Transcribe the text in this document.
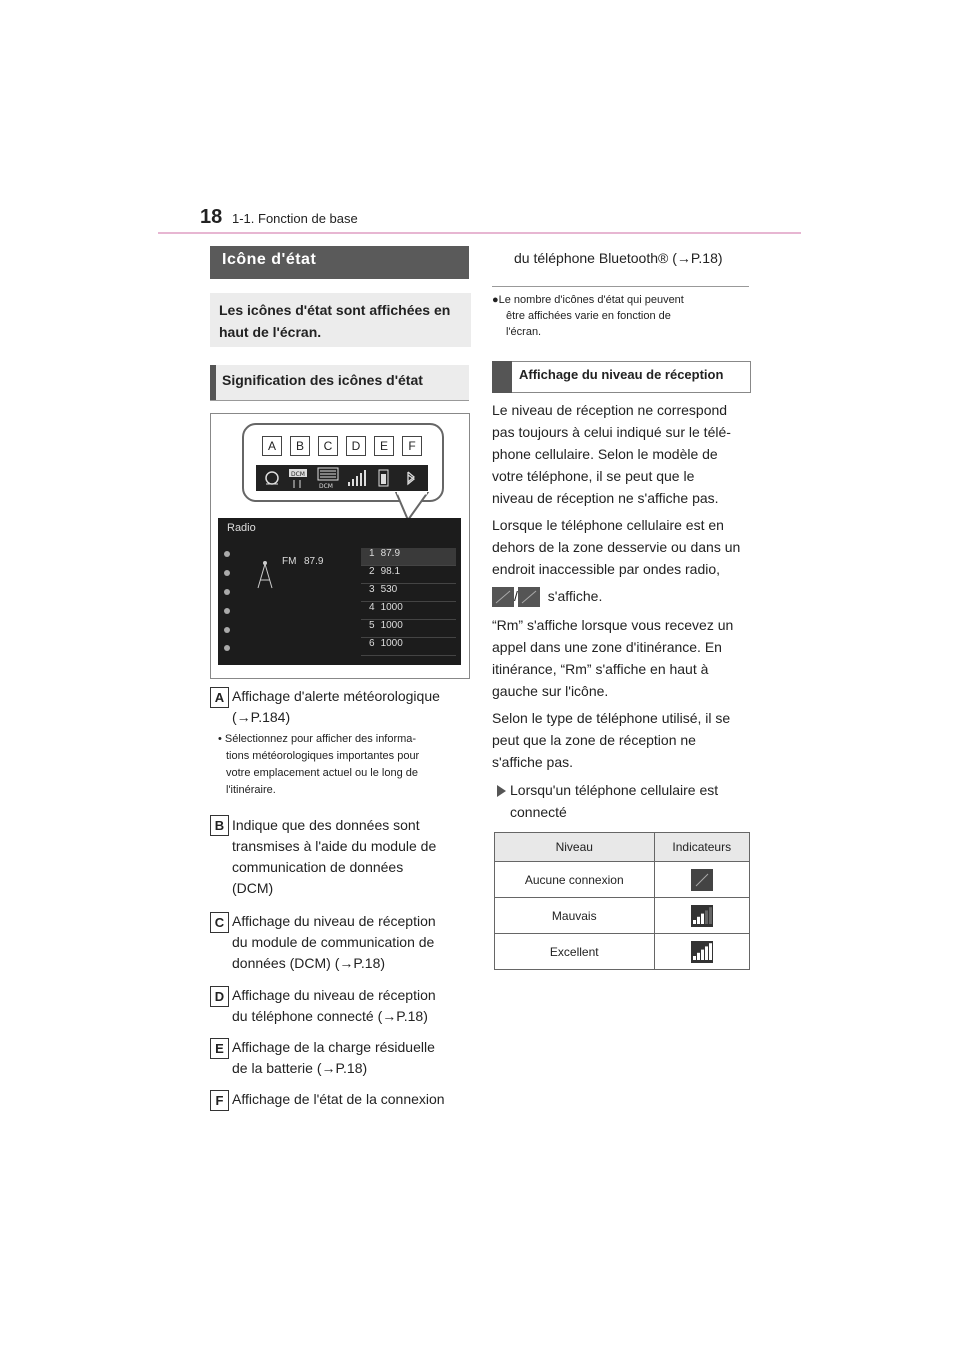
18 1-1. Fonction de base
Icône d'état
Les icônes d'état sont affichées en haut de l'écran.
Signification des icônes d'état
A	B	C	D	E	F
DCM
DCM
Radio
FM 87.9
1 87.9
2 98.1
3 530
4 1000
5 1000
6 1000
A Affichage d'alerte météorologique
(→P.184)
• Sélectionnez pour afficher des informa-
tions météorologiques importantes pour
votre emplacement actuel ou le long de
l'itinéraire.
B Indique que des données sont
transmises à l'aide du module de
communication de données
(DCM)
C Affichage du niveau de réception
du module de communication de
données (DCM) (→P.18)
D Affichage du niveau de réception
du téléphone connecté (→P.18)
E Affichage de la charge résiduelle
de la batterie (→P.18)
F Affichage de l'état de la connexion
du téléphone Bluetooth® (→P.18)
●Le nombre d'icônes d'état qui peuvent
être affichées varie en fonction de
l'écran.
Affichage du niveau de réception
Le niveau de réception ne correspond
pas toujours à celui indiqué sur le télé-
phone cellulaire. Selon le modèle de
votre téléphone, il se peut que le
niveau de réception ne s'affiche pas.
Lorsque le téléphone cellulaire est en
dehors de la zone desservie ou dans un
endroit inaccessible par ondes radio,
/ s'affiche.
“Rm” s'affiche lorsque vous recevez un
appel dans une zone d'itinérance. En
itinérance, “Rm” s'affiche en haut à
gauche sur l'icône.
Selon le type de téléphone utilisé, il se
peut que la zone de réception ne
s'affiche pas.
Lorsqu'un téléphone cellulaire est
connecté
Niveau	Indicateurs
Aucune connexion	
Mauvais	
Excellent	
